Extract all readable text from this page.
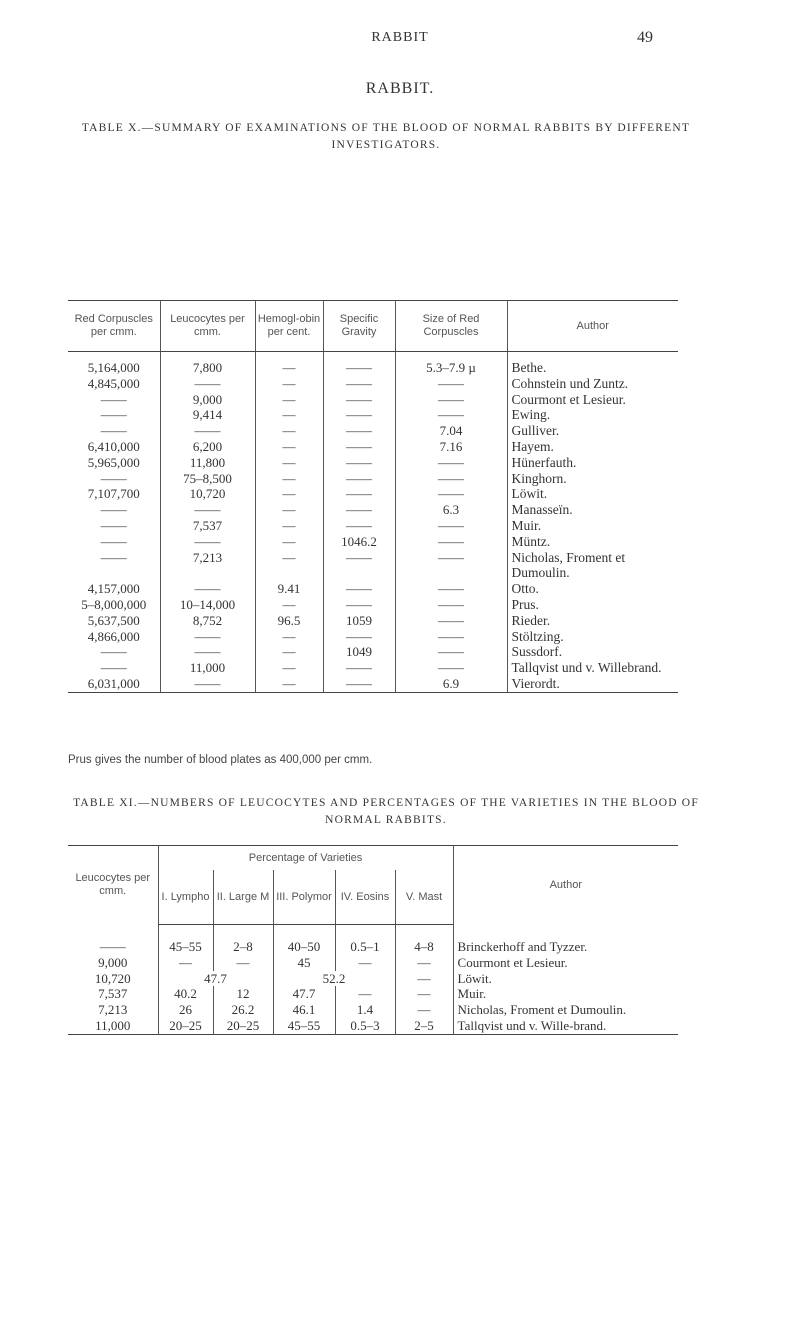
RABBIT	49
RABBIT.
TABLE X.—SUMMARY OF EXAMINATIONS OF THE BLOOD OF NORMAL RABBITS BY DIFFERENT INVESTIGATORS.
Red Corpuscles per cmm.	Leucocytes per cmm.	Hemogl-obin per cent.	Specific Gravity	Size of Red Corpuscles	Author
5,164,000	7,800	—	——	5.3–7.9 µ	Bethe.
4,845,000	——	—	——	——	Cohnstein und Zuntz.
——	9,000	—	——	——	Courmont et Lesieur.
——	9,414	—	——	——	Ewing.
——	——	—	——	7.04	Gulliver.
6,410,000	6,200	—	——	7.16	Hayem.
5,965,000	11,800	—	——	——	Hünerfauth.
——	75–8,500	—	——	——	Kinghorn.
7,107,700	10,720	—	——	——	Löwit.
——	——	—	——	6.3	Manasseïn.
——	7,537	—	——	——	Muir.
——	——	—	1046.2	——	Müntz.
——	7,213	—	——	——	Nicholas, Froment et Dumoulin.
4,157,000	——	9.41	——	——	Otto.
5–8,000,000	10–14,000	—	——	——	Prus.
5,637,500	8,752	96.5	1059	——	Rieder.
4,866,000	——	—	——	——	Stöltzing.
——	——	—	1049	——	Sussdorf.
——	11,000	—	——	——	Tallqvist und v. Willebrand.
6,031,000	——	—	——	6.9	Vierordt.
Prus gives the number of blood plates as 400,000 per cmm.
TABLE XI.—NUMBERS OF LEUCOCYTES AND PERCENTAGES OF THE VARIETIES IN THE BLOOD OF NORMAL RABBITS.
Leucocytes per cmm.	Percentage of Varieties					Author
	I. Lympho	II. Large M	III. Polymor	IV. Eosins	V. Mast	
——	45–55	2–8	40–50	0.5–1	4–8	Brinckerhoff and Tyzzer.
9,000	—	—	45	—	—	Courmont et Lesieur.
10,720	47.7		52.2		—	Löwit.
7,537	40.2	12	47.7	—	—	Muir.
7,213	26	26.2	46.1	1.4	—	Nicholas, Froment et Dumoulin.
11,000	20–25	20–25	45–55	0.5–3	2–5	Tallqvist und v. Wille-brand.
